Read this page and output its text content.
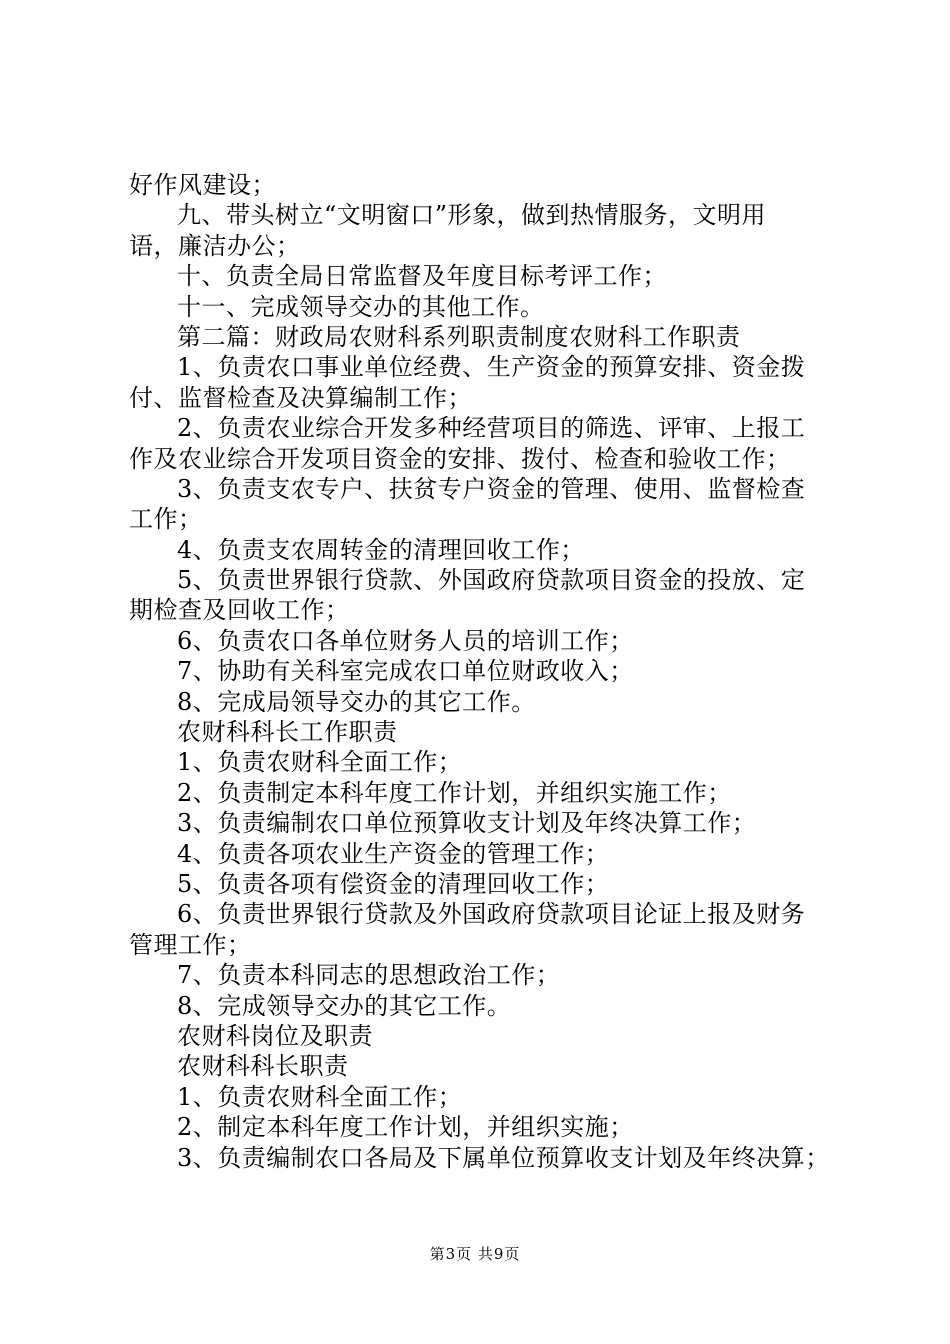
好作风建设；
九、带头树立“文明窗口”形象，做到热情服务，文明用
语，廉洁办公；
十、负责全局日常监督及年度目标考评工作；
十一、完成领导交办的其他工作。
第二篇：财政局农财科系列职责制度农财科工作职责
1、负责农口事业单位经费、生产资金的预算安排、资金拨
付、监督检查及决算编制工作；
2、负责农业综合开发多种经营项目的筛选、评审、上报工
作及农业综合开发项目资金的安排、拨付、检查和验收工作；
3、负责支农专户、扶贫专户资金的管理、使用、监督检查
工作；
4、负责支农周转金的清理回收工作；
5、负责世界银行贷款、外国政府贷款项目资金的投放、定
期检查及回收工作；
6、负责农口各单位财务人员的培训工作；
7、协助有关科室完成农口单位财政收入；
8、完成局领导交办的其它工作。
农财科科长工作职责
1、负责农财科全面工作；
2、负责制定本科年度工作计划，并组织实施工作；
3、负责编制农口单位预算收支计划及年终决算工作；
4、负责各项农业生产资金的管理工作；
5、负责各项有偿资金的清理回收工作；
6、负责世界银行贷款及外国政府贷款项目论证上报及财务
管理工作；
7、负责本科同志的思想政治工作；
8、完成领导交办的其它工作。
农财科岗位及职责
农财科科长职责
1、负责农财科全面工作；
2、制定本科年度工作计划，并组织实施；
3、负责编制农口各局及下属单位预算收支计划及年终决算；
第3页 共9页
